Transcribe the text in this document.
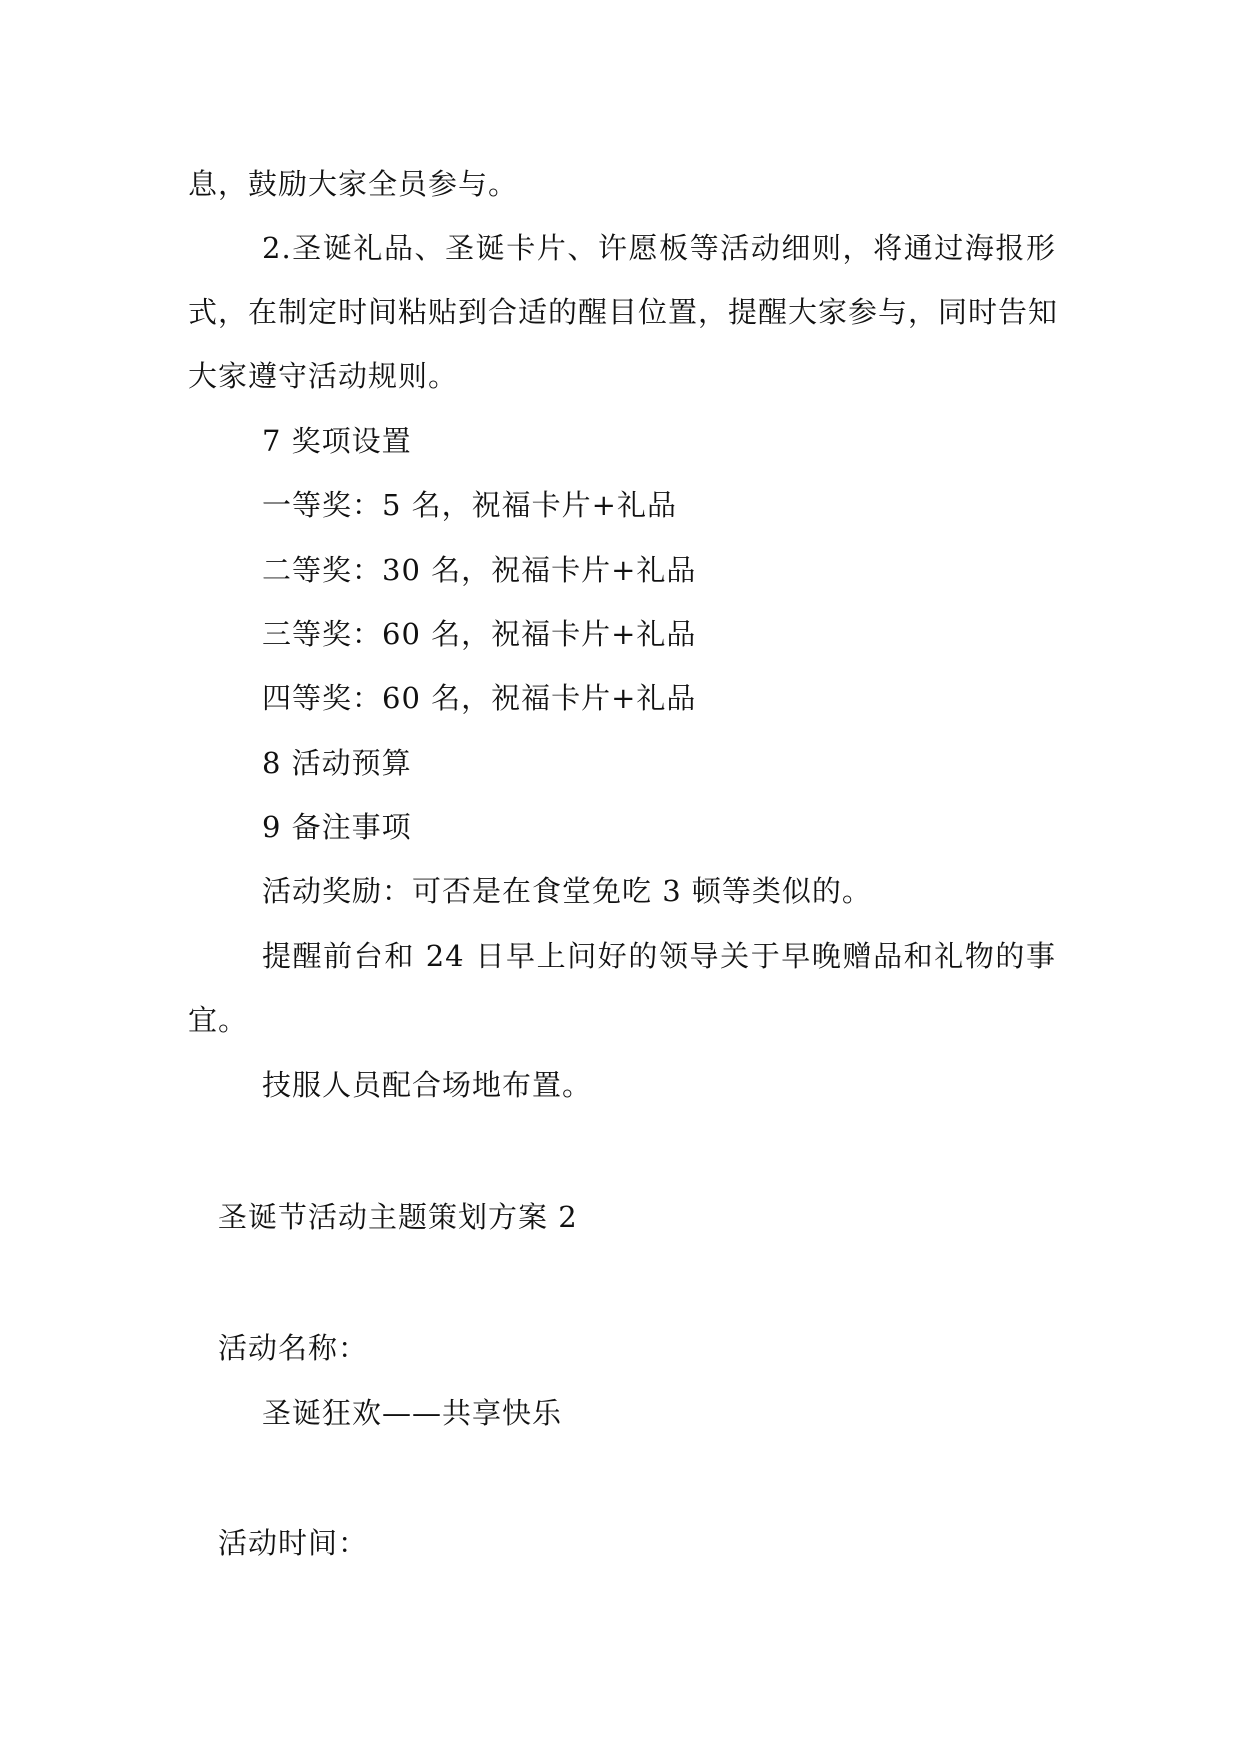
息，鼓励大家全员参与。
2.圣诞礼品、圣诞卡片、许愿板等活动细则，将通过海报形
式，在制定时间粘贴到合适的醒目位置，提醒大家参与，同时告知
大家遵守活动规则。
7 奖项设置
一等奖：5 名，祝福卡片+礼品
二等奖：30 名，祝福卡片+礼品
三等奖：60 名，祝福卡片+礼品
四等奖：60 名，祝福卡片+礼品
8 活动预算
9 备注事项
活动奖励：可否是在食堂免吃 3 顿等类似的。
提醒前台和 24 日早上问好的领导关于早晚赠品和礼物的事
宜。
技服人员配合场地布置。
圣诞节活动主题策划方案 2
活动名称：
圣诞狂欢——共享快乐
活动时间：
